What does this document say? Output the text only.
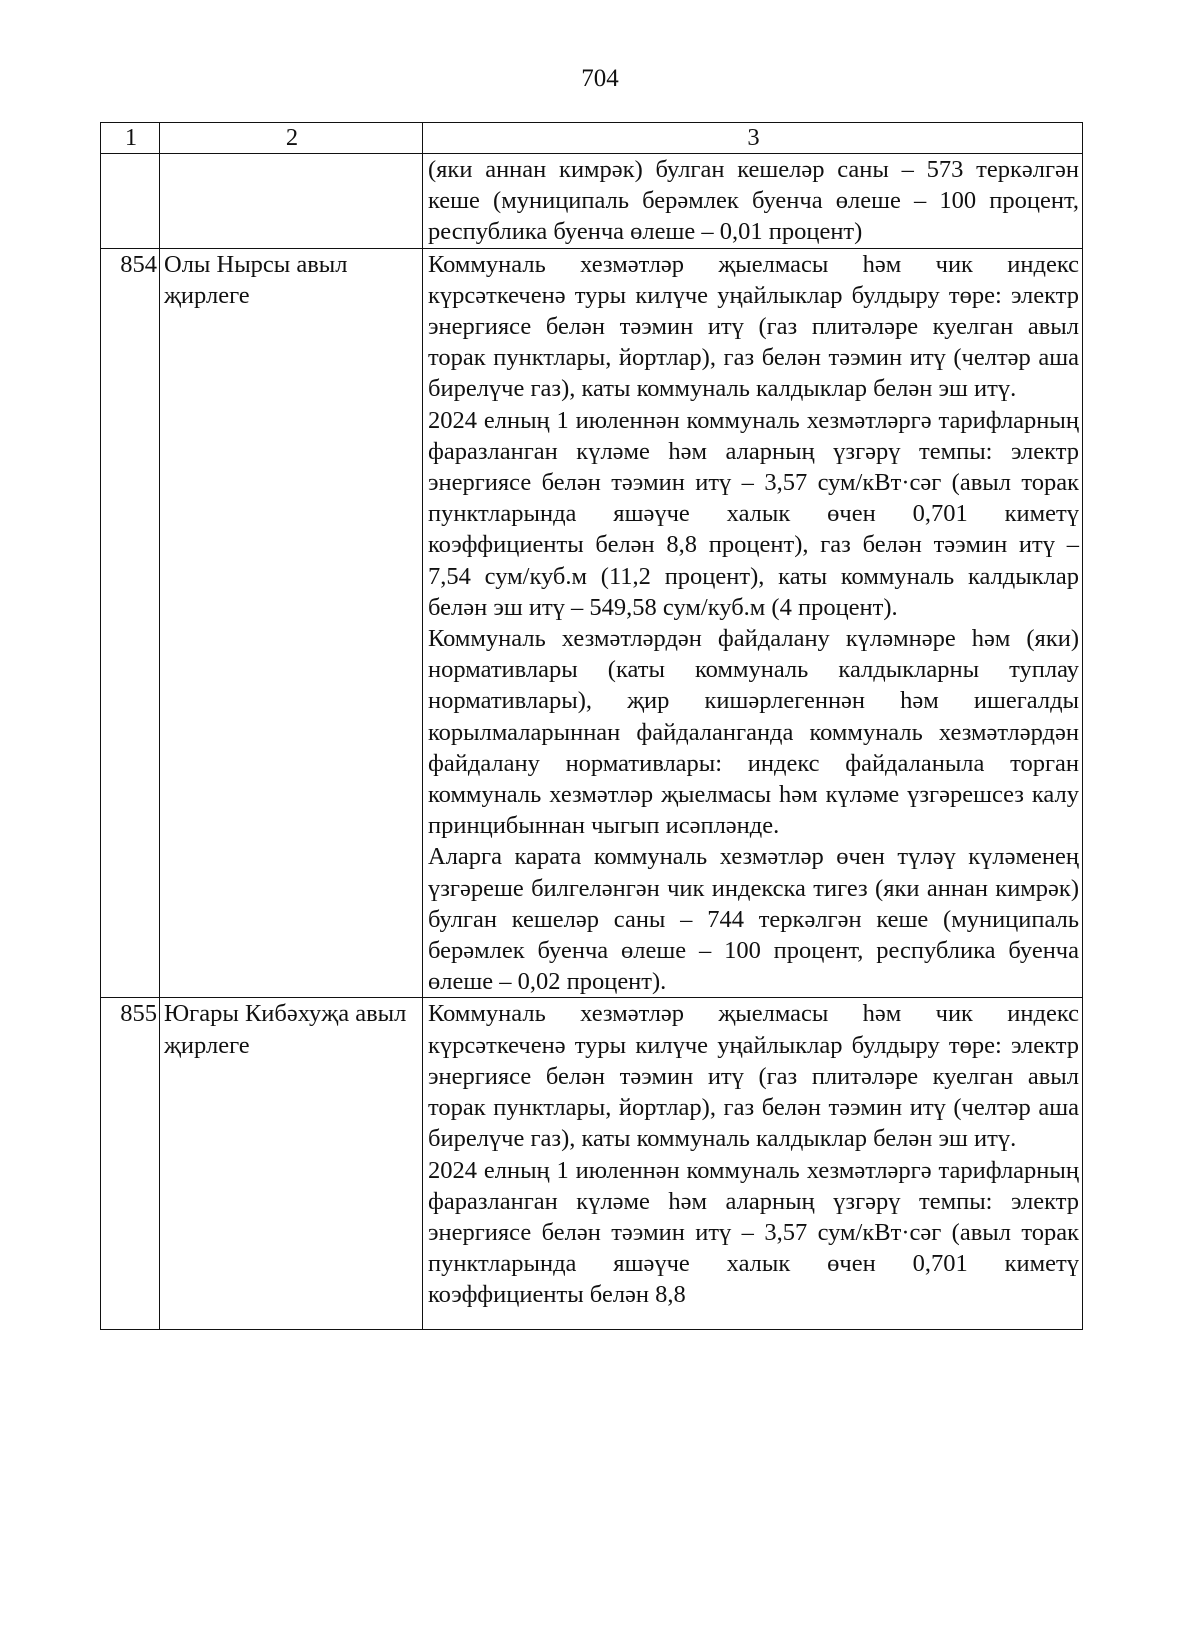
704
1	2	3

		(яки аннан кимрәк) булган кешеләр саны – 573 теркәлгән кеше (муниципаль берәмлек буенча өлеше – 100 процент, республика буенча өлеше – 0,01 процент)

854	Олы Нырсы авыл җирлеге	Коммуналь хезмәтләр җыелмасы һәм чик индекс күрсәткеченә туры килүче уңайлыклар булдыру төре: электр энергиясе белән тәэмин итү (газ плитәләре куелган авыл торак пунктлары, йортлар), газ белән тәэмин итү (челтәр аша бирелүче газ), каты коммуналь калдыклар белән эш итү.

2024 елның 1 июленнән коммуналь хезмәтләргә тарифларның фаразланган күләме һәм аларның үзгәрү темпы: электр энергиясе белән тәэмин итү – 3,57 сум/кВт·сәг (авыл торак пунктларында яшәүче халык өчен 0,701 киметү коэффициенты белән 8,8 процент), газ белән тәэмин итү – 7,54 сум/куб.м (11,2 процент), каты коммуналь калдыклар белән эш итү – 549,58 сум/куб.м (4 процент).

Коммуналь хезмәтләрдән файдалану күләмнәре һәм (яки) нормативлары (каты коммуналь калдыкларны туплау нормативлары), җир кишәрлегеннән һәм ишегалды корылмаларыннан файдаланганда коммуналь хезмәтләрдән файдалану нормативлары: индекс файдаланыла торган коммуналь хезмәтләр җыелмасы һәм күләме үзгәрешсез калу принцибыннан чыгып исәпләнде.

Аларга карата коммуналь хезмәтләр өчен түләү күләменең үзгәреше билгеләнгән чик индекска тигез (яки аннан кимрәк) булган кешеләр саны – 744 теркәлгән кеше (муниципаль берәмлек буенча өлеше – 100 процент, республика буенча өлеше – 0,02 процент).

855	Югары Кибәхуҗа авыл җирлеге	Коммуналь хезмәтләр җыелмасы һәм чик индекс күрсәткеченә туры килүче уңайлыклар булдыру төре: электр энергиясе белән тәэмин итү (газ плитәләре куелган авыл торак пунктлары, йортлар), газ белән тәэмин итү (челтәр аша бирелүче газ), каты коммуналь калдыклар белән эш итү.

2024 елның 1 июленнән коммуналь хезмәтләргә тарифларның фаразланган күләме һәм аларның үзгәрү темпы: электр энергиясе белән тәэмин итү – 3,57 сум/кВт·сәг (авыл торак пунктларында яшәүче халык өчен 0,701 киметү коэффициенты белән 8,8
